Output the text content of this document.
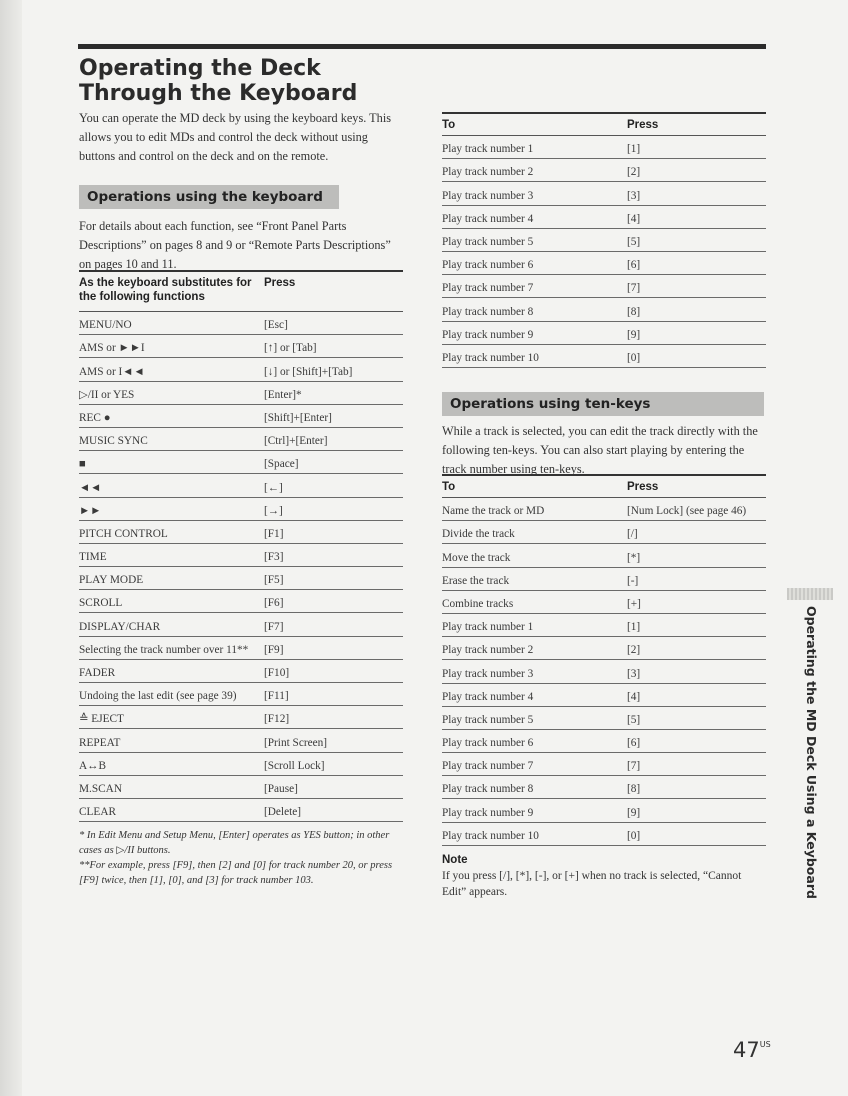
Operating the Deck
Through the Keyboard

You can operate the MD deck by using the keyboard keys. This allows you to edit MDs and control the deck without using buttons and control on the deck and on the remote.

Operations using the keyboard

For details about each function, see “Front Panel Parts Descriptions” on pages 8 and 9 or “Remote Parts Descriptions” on pages 10 and 11.

As the keyboard substitutes for the following functions
Press
MENU/NO	[Esc]
AMS or ►►I	[↑] or [Tab]
AMS or I◄◄	[↓] or [Shift]+[Tab]
▷/II or YES	[Enter]*
REC ●	[Shift]+[Enter]
MUSIC SYNC	[Ctrl]+[Enter]
■	[Space]
◄◄	[←]
►►	[→]
PITCH CONTROL	[F1]
TIME	[F3]
PLAY MODE	[F5]
SCROLL	[F6]
DISPLAY/CHAR	[F7]
Selecting the track number over 11** [F9]
FADER	[F10]
Undoing the last edit (see page 39) [F11]
≙ EJECT	[F12]
REPEAT	[Print Screen]
A↔B	[Scroll Lock]
M.SCAN	[Pause]
CLEAR	[Delete]

* In Edit Menu and Setup Menu, [Enter] operates as YES button; in other cases as ▷/II buttons.

**For example, press [F9], then [2] and [0] for track number 20, or press [F9] twice, then [1], [0], and [3] for track number 103.

To	Press
Play track number 1	[1]
Play track number 2	[2]
Play track number 3	[3]
Play track number 4	[4]
Play track number 5	[5]
Play track number 6	[6]
Play track number 7	[7]
Play track number 8	[8]
Play track number 9	[9]
Play track number 10	[0]
Operations using ten-keys

While a track is selected, you can edit the track directly with the following ten-keys. You can also start playing by entering the track number using ten-keys.

To	Press
Name the track or MD	[Num Lock] (see page 46)
Divide the track	[/]
Move the track	[*]
Erase the track	[-]
Combine tracks	[+]
Play track number 1	[1]
Play track number 2	[2]
Play track number 3	[3]
Play track number 4	[4]
Play track number 5	[5]
Play track number 6	[6]
Play track number 7	[7]
Play track number 8	[8]
Play track number 9	[9]
Play track number 10	[0]
Note

If you press [/], [*], [-], or [+] when no track is selected, “Cannot Edit” appears.	Operating the MD Deck Using a Keyboard
$47^{US}$
